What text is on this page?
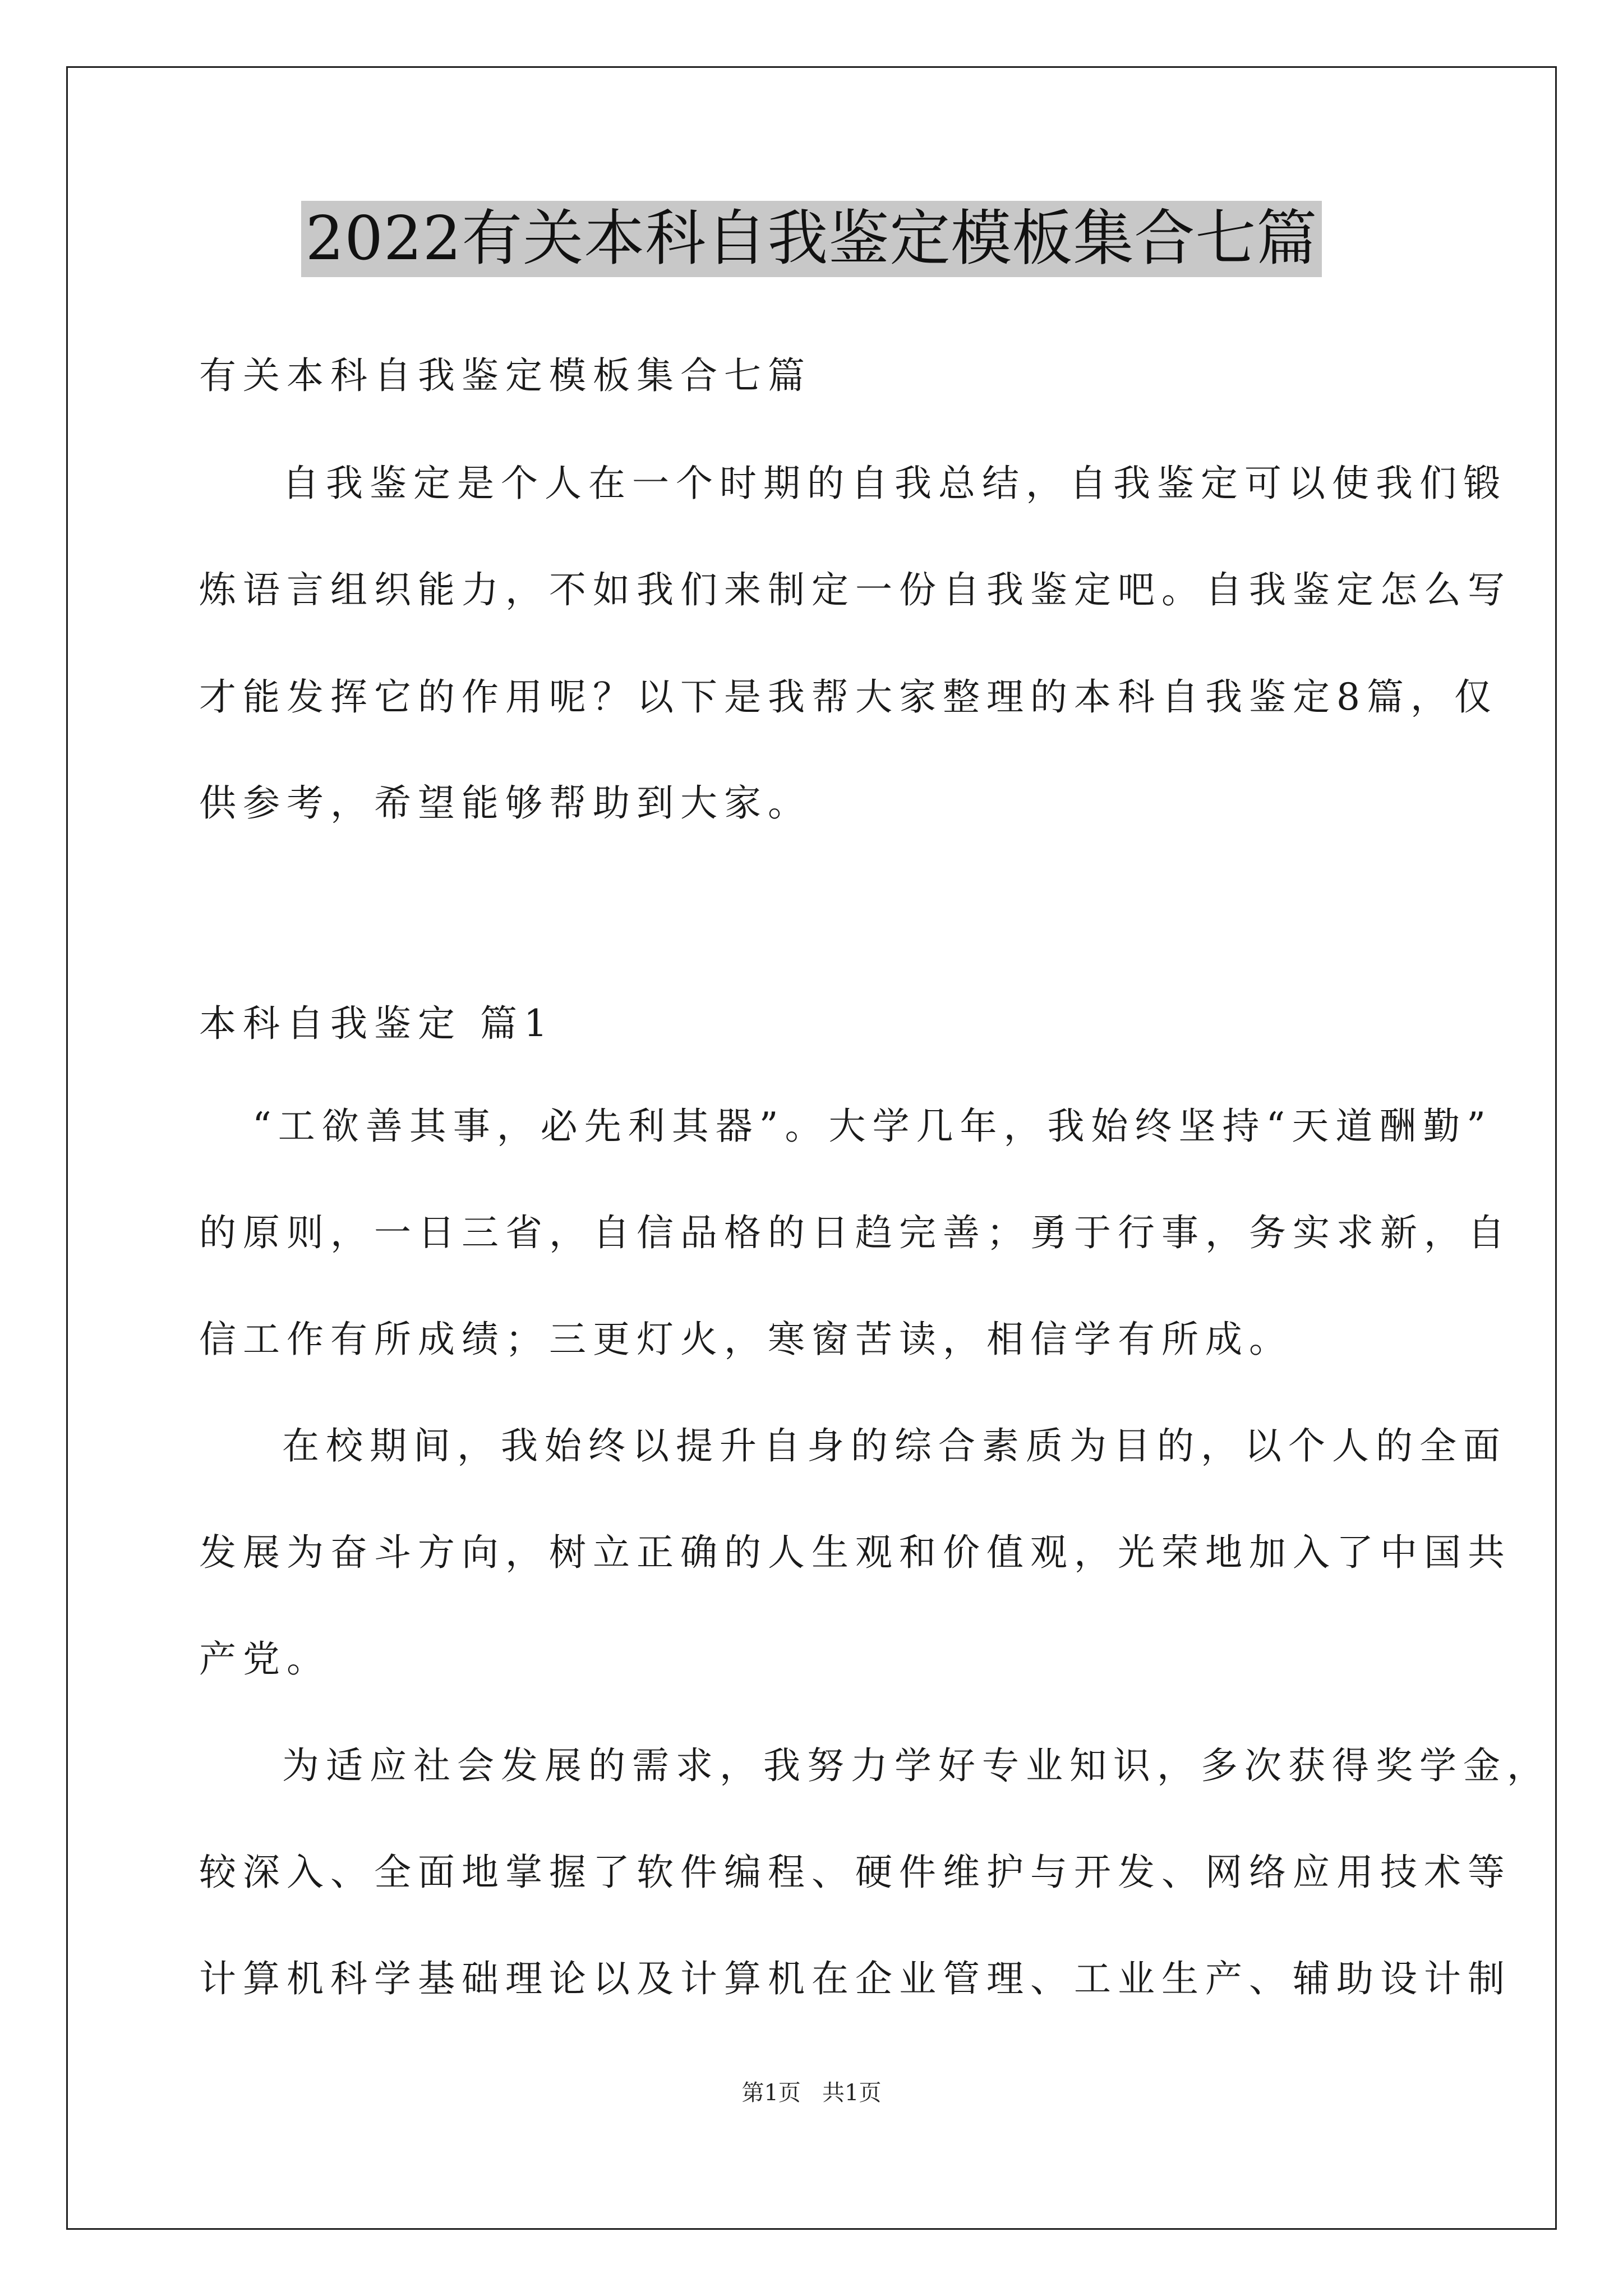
2022有关本科自我鉴定模板集合七篇
有关本科自我鉴定模板集合七篇
自我鉴定是个人在一个时期的自我总结，自我鉴定可以使我们锻
炼语言组织能力，不如我们来制定一份自我鉴定吧。自我鉴定怎么写
才能发挥它的作用呢？以下是我帮大家整理的本科自我鉴定8篇，仅
供参考，希望能够帮助到大家。
本科自我鉴定 篇1
“工欲善其事，必先利其器”。大学几年，我始终坚持“天道酬勤”
的原则，一日三省，自信品格的日趋完善；勇于行事，务实求新，自
信工作有所成绩；三更灯火，寒窗苦读，相信学有所成。
在校期间，我始终以提升自身的综合素质为目的，以个人的全面
发展为奋斗方向，树立正确的人生观和价值观，光荣地加入了中国共
产党。
为适应社会发展的需求，我努力学好专业知识，多次获得奖学金，
较深入、全面地掌握了软件编程、硬件维护与开发、网络应用技术等
计算机科学基础理论以及计算机在企业管理、工业生产、辅助设计制
第1页   共1页
